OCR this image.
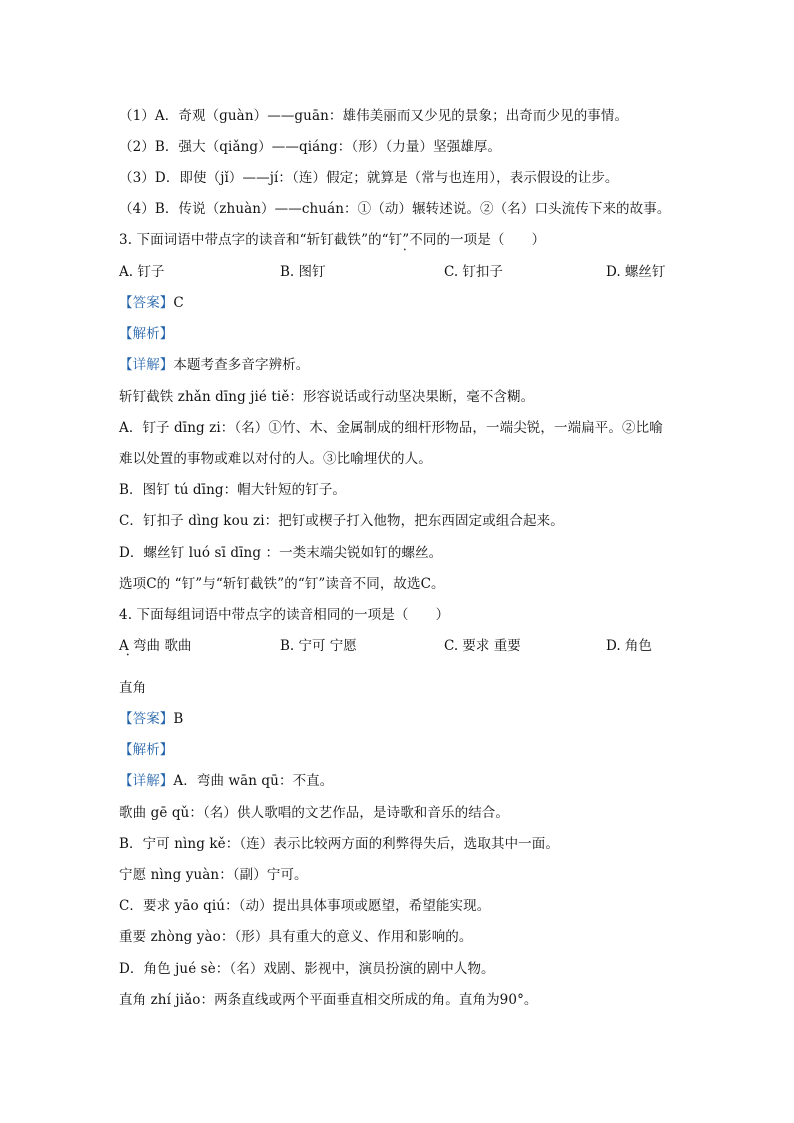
（1）A．奇观（ɡuàn）——guān：雄伟美丽而又少见的景象；出奇而少见的事情。
（2）B．强大（qiǎng）——qiáng：（形）（力量）坚强雄厚。
（3）D．即使（jǐ）——jí：（连）假定；就算是（常与也连用），表示假设的让步。
（4）B．传说（zhuàn）——chuán：①（动）辗转述说。②（名）口头流传下来的故事。
3. 下面词语中带点字的读音和“斩钉截铁”的“钉”不同的一项是（　　）
•
A. 钉子	B. 图钉	C. 钉扣子	D. 螺丝钉
【答案】C
【解析】
【详解】本题考查多音字辨析。
斩钉截铁 zhǎn dīng jié tiě：形容说话或行动坚决果断，毫不含糊。
A．钉子 dīng zi：（名）①竹、木、金属制成的细杆形物品，一端尖锐，一端扁平。②比喻
难以处置的事物或难以对付的人。③比喻埋伏的人。
B．图钉 tú dīng：帽大针短的钉子。
C．钉扣子 dìng kou zi：把钉或楔子打入他物，把东西固定或组合起来。
D．螺丝钉 luó sī dīng ：一类末端尖锐如钉的螺丝。
选项C的 “钉”与“斩钉截铁”的“钉”读音不同，故选C。
4. 下面每组词语中带点字的读音相同的一项是（　　）
A 弯曲 歌曲
•
B. 宁可 宁愿	C. 要求 重要	D. 角色
直角
【答案】B
【解析】
【详解】A．弯曲 wān qū：不直。
歌曲 gē qǔ：（名）供人歌唱的文艺作品，是诗歌和音乐的结合。
B．宁可 nìng kě：（连）表示比较两方面的利弊得失后，选取其中一面。
宁愿 nìng yuàn：（副）宁可。
C．要求 yāo qiú：（动）提出具体事项或愿望，希望能实现。
重要 zhòng yào：（形）具有重大的意义、作用和影响的。
D．角色 jué sè：（名）戏剧、影视中，演员扮演的剧中人物。
直角 zhí jiǎo：两条直线或两个平面垂直相交所成的角。直角为90°。
